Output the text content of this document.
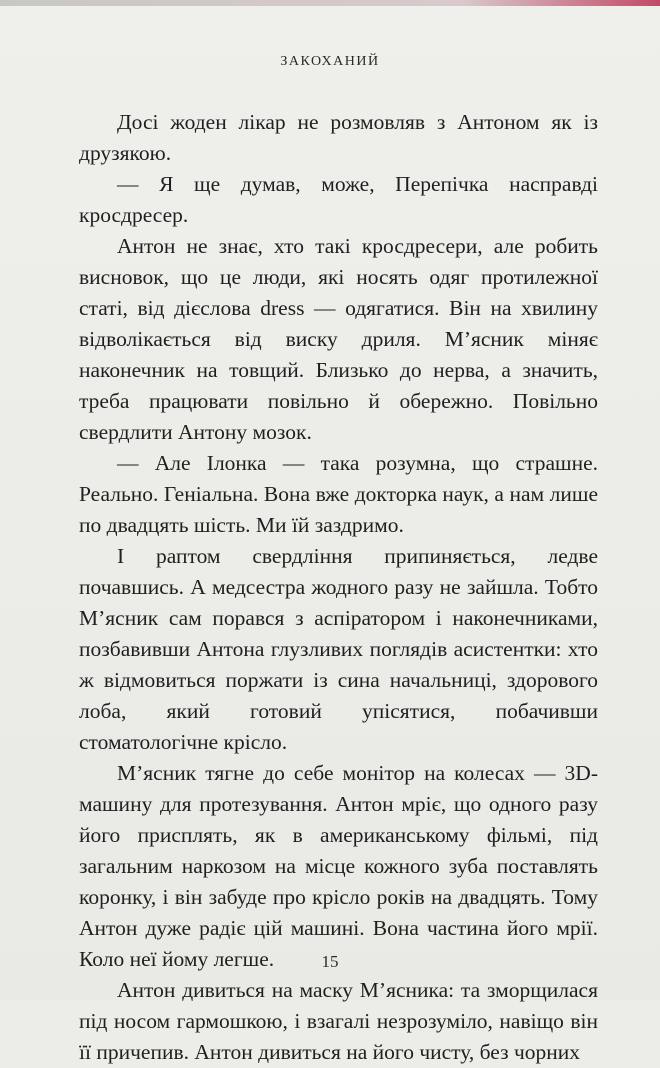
ЗАКОХАНИЙ

Досі жоден лікар не розмовляв з Антоном як із друзякою.

— Я ще думав, може, Перепічка насправді кросдресер.

Антон не знає, хто такі кросдресери, але робить висновок, що це люди, які носять одяг протилежної статі, від дієслова dress — одягатися. Він на хвилину відволікається від виску дриля. М’ясник міняє наконечник на товщий. Близько до нерва, а значить, треба працювати повільно й обережно. Повільно свердлити Антону мозок.

— Але Ілонка — така розумна, що страшне. Реально. Геніальна. Вона вже докторка наук, а нам лише по двадцять шість. Ми їй заздримо.

І раптом свердління припиняється, ледве почавшись. А медсестра жодного разу не зайшла. Тобто М’ясник сам порався з аспіратором і наконечниками, позбавивши Антона глузливих поглядів асистентки: хто ж відмовиться поржати із сина начальниці, здорового лоба, який готовий упісятися, побачивши стоматологічне крісло.

М’ясник тягне до себе монітор на колесах — 3D-машину для протезування. Антон мріє, що одного разу його присплять, як в американському фільмі, під загальним наркозом на місце кожного зуба поставлять коронку, і він забуде про крісло років на двадцять. Тому Антон дуже радіє цій машині. Вона частина його мрії. Коло неї йому легше.

Антон дивиться на маску М’ясника: та зморщилася під носом гармошкою, і взагалі незрозуміло, навіщо він її причепив. Антон дивиться на його чисту, без чорних

15
